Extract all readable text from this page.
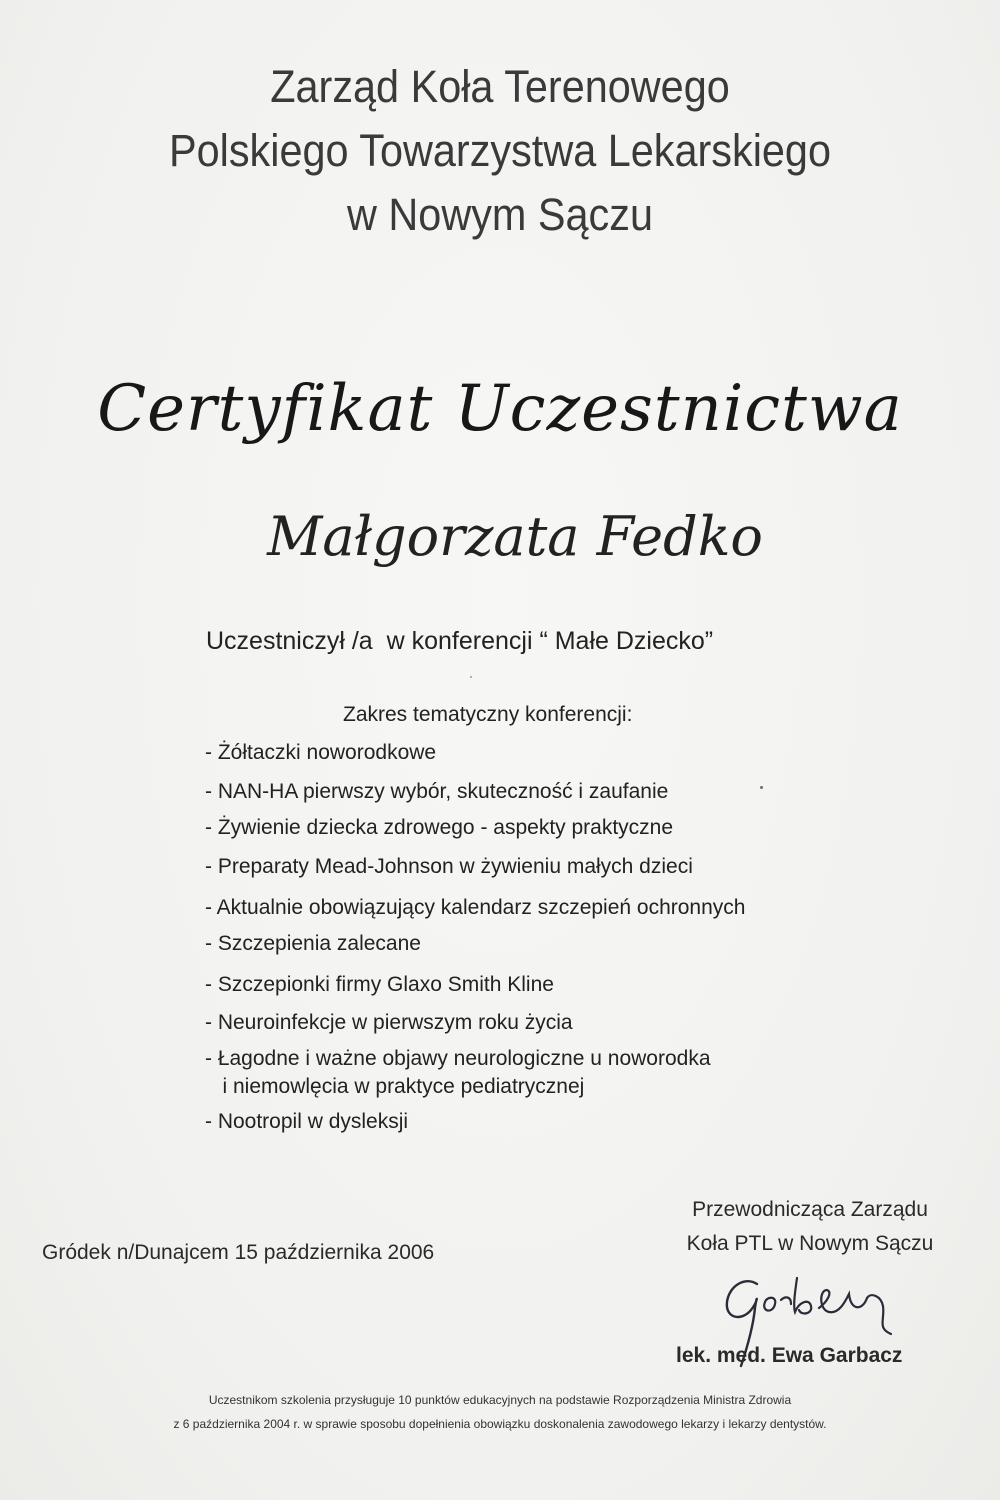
Zarząd Koła Terenowego
Polskiego Towarzystwa Lekarskiego
w Nowym Sączu
Certyfikat Uczestnictwa
Małgorzata Fedko
Uczestniczył /a  w konferencji “ Małe Dziecko”
Zakres tematyczny konferencji:
- Żółtaczki noworodkowe
- NAN-HA pierwszy wybór, skuteczność i zaufanie
- Żywienie dziecka zdrowego - aspekty praktyczne
- Preparaty Mead-Johnson w żywieniu małych dzieci
- Aktualnie obowiązujący kalendarz szczepień ochronnych
- Szczepienia zalecane
- Szczepionki firmy Glaxo Smith Kline
- Neuroinfekcje w pierwszym roku życia
- Łagodne i ważne objawy neurologiczne u noworodka
i niemowlęcia w praktyce pediatrycznej
- Nootropil w dysleksji
Gródek n/Dunajcem 15 października 2006
Przewodnicząca Zarządu
Koła PTL w Nowym Sączu
lek. med. Ewa Garbacz
Uczestnikom szkolenia przysługuje 10 punktów edukacyjnych na podstawie Rozporządzenia Ministra Zdrowia
z 6 października 2004 r. w sprawie sposobu dopełnienia obowiązku doskonalenia zawodowego lekarzy i lekarzy dentystów.
